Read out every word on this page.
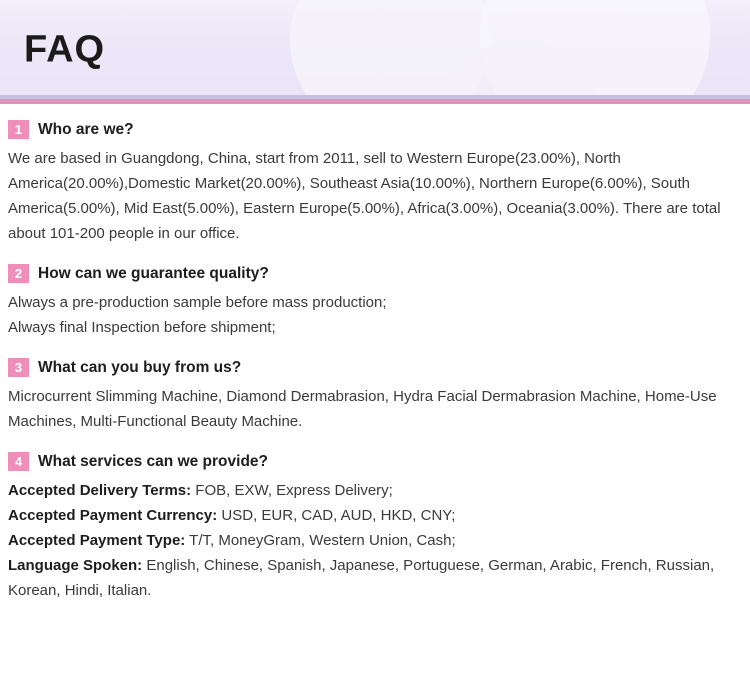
FAQ
1	Who are we?
We are based in Guangdong, China, start from 2011, sell to Western Europe(23.00%), North America(20.00%),Domestic Market(20.00%), Southeast Asia(10.00%), Northern Europe(6.00%), South America(5.00%), Mid East(5.00%), Eastern Europe(5.00%), Africa(3.00%), Oceania(3.00%). There are total about 101-200 people in our office.
2	How can we guarantee quality?
Always a pre-production sample before mass production;
Always final Inspection before shipment;
3	What can you buy from us?
Microcurrent Slimming Machine, Diamond Dermabrasion, Hydra Facial Dermabrasion Machine, Home-Use Machines, Multi-Functional Beauty Machine.
4	What services can we provide?
Accepted Delivery Terms: FOB, EXW, Express Delivery;
Accepted Payment Currency: USD, EUR, CAD, AUD, HKD, CNY;
Accepted Payment Type: T/T, MoneyGram, Western Union, Cash;
Language Spoken: English, Chinese, Spanish, Japanese, Portuguese, German, Arabic, French, Russian, Korean, Hindi, Italian.
